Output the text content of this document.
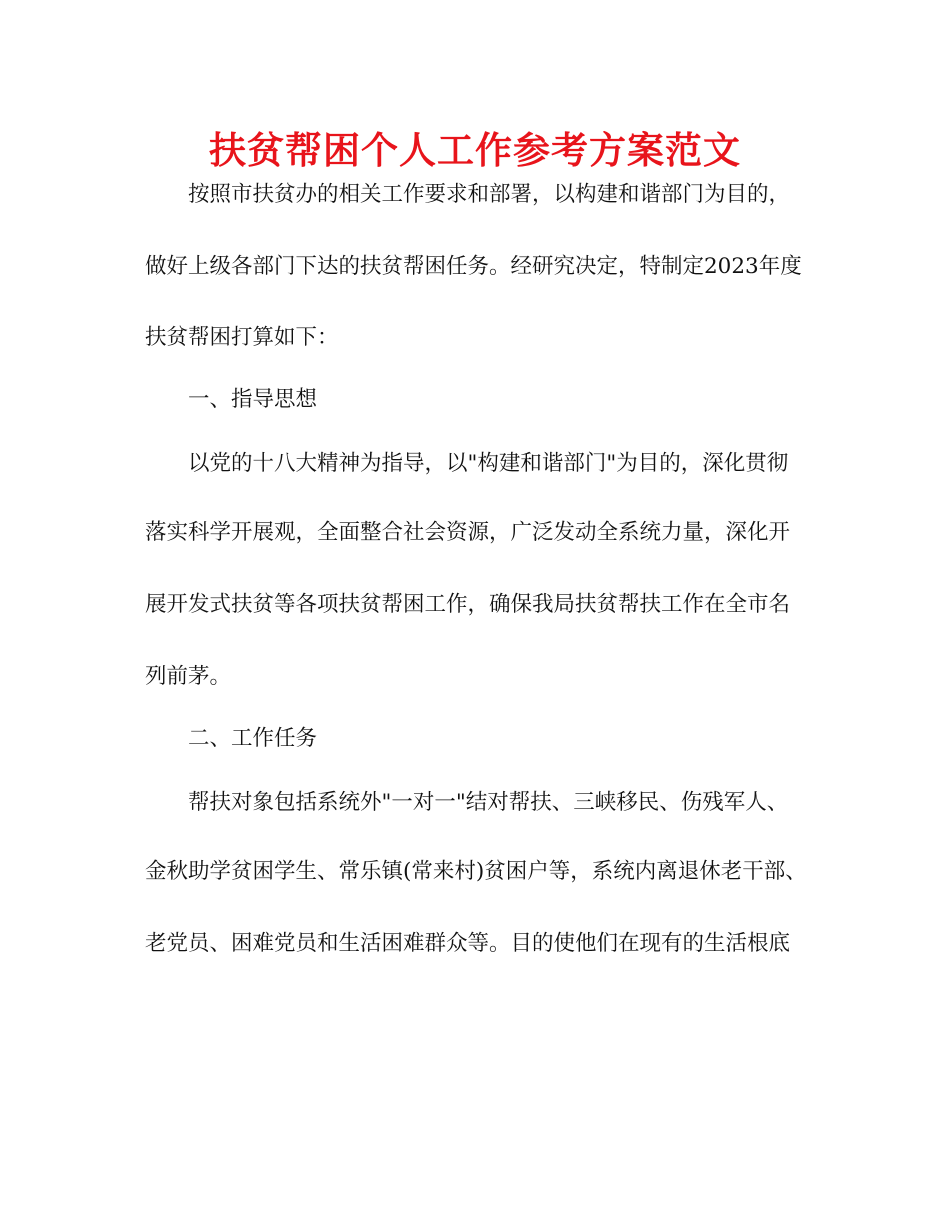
扶贫帮困个人工作参考方案范文
按照市扶贫办的相关工作要求和部署，以构建和谐部门为目的，
做好上级各部门下达的扶贫帮困任务。经研究决定，特制定2023年度
扶贫帮困打算如下：
一、指导思想
以党的十八大精神为指导，以"构建和谐部门"为目的，深化贯彻
落实科学开展观，全面整合社会资源，广泛发动全系统力量，深化开
展开发式扶贫等各项扶贫帮困工作，确保我局扶贫帮扶工作在全市名
列前茅。
二、工作任务
帮扶对象包括系统外"一对一"结对帮扶、三峡移民、伤残军人、
金秋助学贫困学生、常乐镇(常来村)贫困户等，系统内离退休老干部、
老党员、困难党员和生活困难群众等。目的使他们在现有的生活根底
